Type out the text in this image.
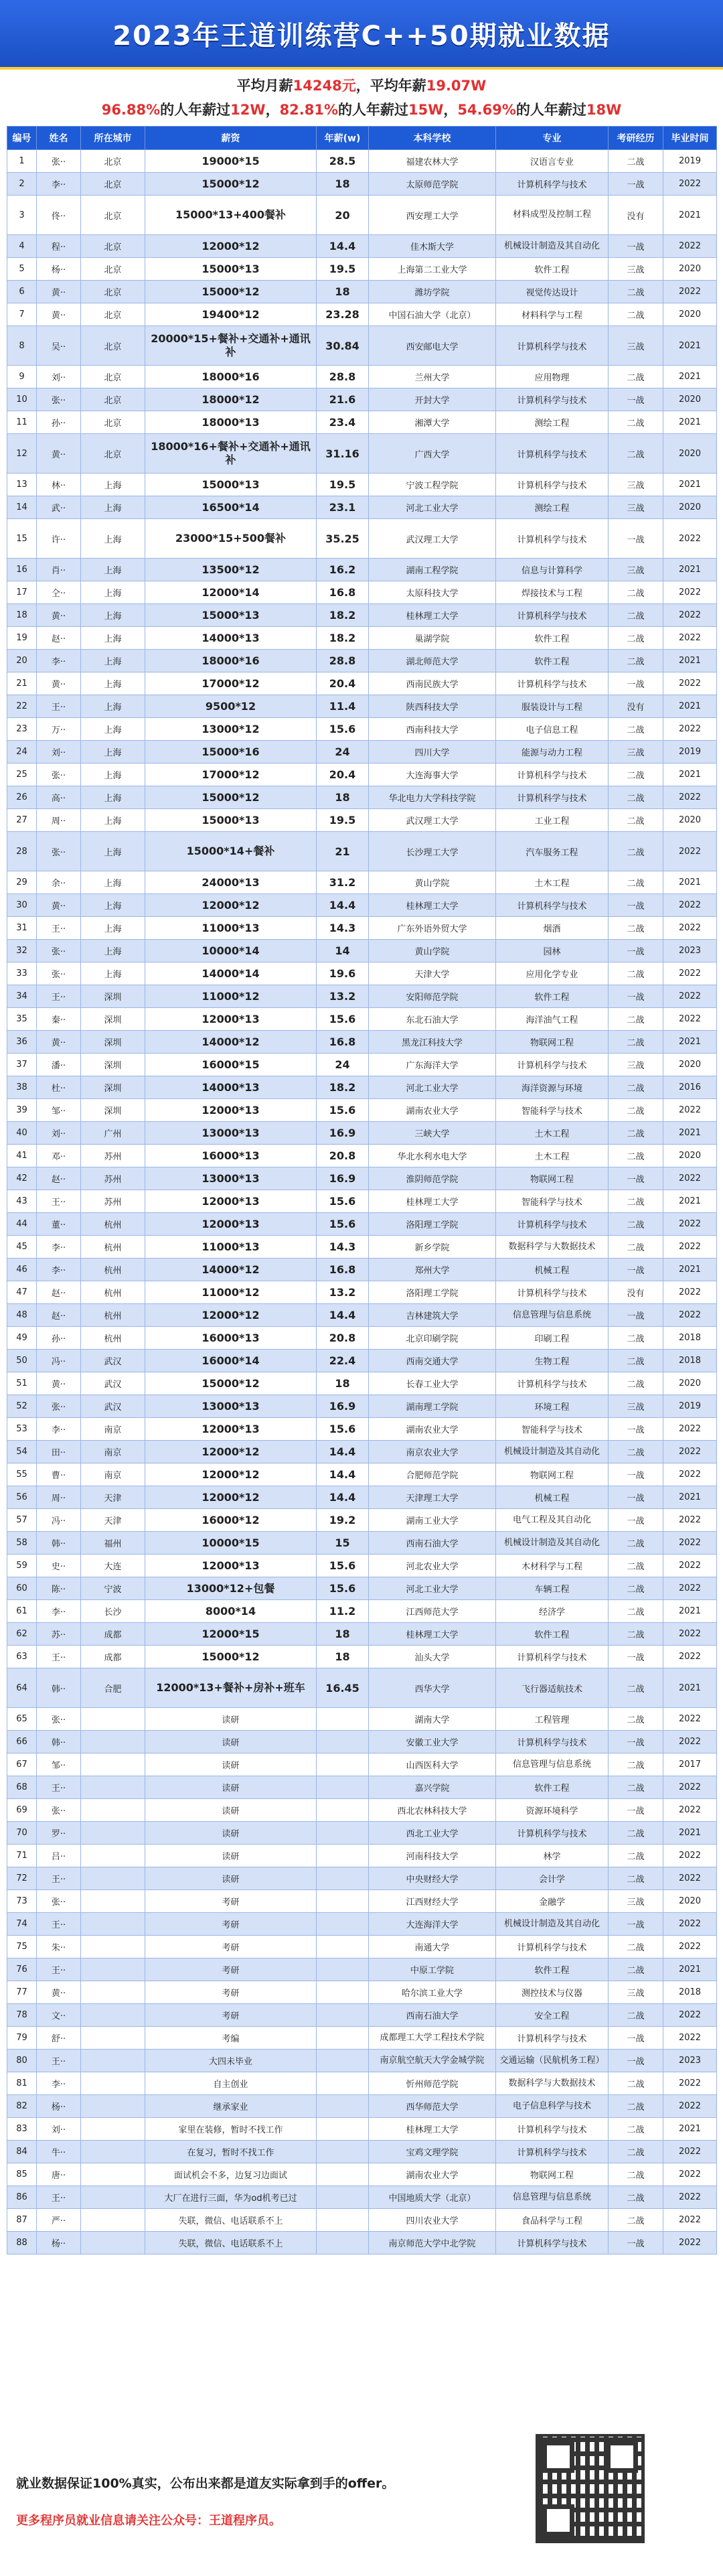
2023年王道训练营C++50期就业数据
平均月薪14248元，平均年薪19.07W
96.88%的人年薪过12W，82.81%的人年薪过15W，54.69%的人年薪过18W
编号	姓名	所在城市	薪资	年薪(w)	本科学校	专业	考研经历	毕业时间
1	张··	北京	19000*15	28.5	福建农林大学	汉语言专业	二战	2019
2	李··	北京	15000*12	18	太原师范学院	计算机科学与技术	一战	2022
3	佟··	北京	15000*13+400餐补	20	西安理工大学	材料成型及控制工程	没有	2021
4	程··	北京	12000*12	14.4	佳木斯大学	机械设计制造及其自动化	一战	2022
5	杨··	北京	15000*13	19.5	上海第二工业大学	软件工程	三战	2020
6	黄··	北京	15000*12	18	潍坊学院	视觉传达设计	二战	2022
7	黄··	北京	19400*12	23.28	中国石油大学（北京）	材料科学与工程	二战	2020
8	吴··	北京	20000*15+餐补+交通补+通讯补	30.84	西安邮电大学	计算机科学与技术	三战	2021
9	刘··	北京	18000*16	28.8	兰州大学	应用物理	二战	2021
10	张··	北京	18000*12	21.6	开封大学	计算机科学与技术	一战	2020
11	孙··	北京	18000*13	23.4	湘潭大学	测绘工程	二战	2021
12	黄··	北京	18000*16+餐补+交通补+通讯补	31.16	广西大学	计算机科学与技术	二战	2020
13	林··	上海	15000*13	19.5	宁波工程学院	计算机科学与技术	三战	2021
14	武··	上海	16500*14	23.1	河北工业大学	测绘工程	三战	2020
15	许··	上海	23000*15+500餐补	35.25	武汉理工大学	计算机科学与技术	一战	2022
16	肖··	上海	13500*12	16.2	湖南工程学院	信息与计算科学	三战	2021
17	仝··	上海	12000*14	16.8	太原科技大学	焊接技术与工程	二战	2022
18	黄··	上海	15000*13	18.2	桂林理工大学	计算机科学与技术	二战	2022
19	赵··	上海	14000*13	18.2	巢湖学院	软件工程	二战	2022
20	李··	上海	18000*16	28.8	湖北师范大学	软件工程	二战	2021
21	黄··	上海	17000*12	20.4	西南民族大学	计算机科学与技术	一战	2022
22	王··	上海	9500*12	11.4	陕西科技大学	服装设计与工程	没有	2021
23	万··	上海	13000*12	15.6	西南科技大学	电子信息工程	二战	2022
24	刘··	上海	15000*16	24	四川大学	能源与动力工程	三战	2019
25	张··	上海	17000*12	20.4	大连海事大学	计算机科学与技术	二战	2021
26	高··	上海	15000*12	18	华北电力大学科技学院	计算机科学与技术	二战	2022
27	周··	上海	15000*13	19.5	武汉理工大学	工业工程	二战	2020
28	张··	上海	15000*14+餐补	21	长沙理工大学	汽车服务工程	二战	2022
29	余··	上海	24000*13	31.2	黄山学院	土木工程	二战	2021
30	黄··	上海	12000*12	14.4	桂林理工大学	计算机科学与技术	一战	2022
31	王··	上海	11000*13	14.3	广东外语外贸大学	烟酒	二战	2022
32	张··	上海	10000*14	14	黄山学院	园林	一战	2023
33	张··	上海	14000*14	19.6	天津大学	应用化学专业	二战	2022
34	王··	深圳	11000*12	13.2	安阳师范学院	软件工程	一战	2022
35	秦··	深圳	12000*13	15.6	东北石油大学	海洋油气工程	二战	2022
36	黄··	深圳	14000*12	16.8	黑龙江科技大学	物联网工程	二战	2021
37	潘··	深圳	16000*15	24	广东海洋大学	计算机科学与技术	三战	2020
38	杜··	深圳	14000*13	18.2	河北工业大学	海洋资源与环境	二战	2016
39	邹··	深圳	12000*13	15.6	湖南农业大学	智能科学与技术	二战	2022
40	刘··	广州	13000*13	16.9	三峡大学	土木工程	二战	2021
41	邓··	苏州	16000*13	20.8	华北水利水电大学	土木工程	二战	2020
42	赵··	苏州	13000*13	16.9	淮阴师范学院	物联网工程	一战	2022
43	王··	苏州	12000*13	15.6	桂林理工大学	智能科学与技术	二战	2021
44	董··	杭州	12000*13	15.6	洛阳理工学院	计算机科学与技术	二战	2022
45	李··	杭州	11000*13	14.3	新乡学院	数据科学与大数据技术	二战	2022
46	李··	杭州	14000*12	16.8	郑州大学	机械工程	一战	2021
47	赵··	杭州	11000*12	13.2	洛阳理工学院	计算机科学与技术	没有	2022
48	赵··	杭州	12000*12	14.4	吉林建筑大学	信息管理与信息系统	一战	2022
49	孙··	杭州	16000*13	20.8	北京印刷学院	印刷工程	二战	2018
50	冯··	武汉	16000*14	22.4	西南交通大学	生物工程	二战	2018
51	黄··	武汉	15000*12	18	长春工业大学	计算机科学与技术	二战	2020
52	张··	武汉	13000*13	16.9	湖南理工学院	环境工程	三战	2019
53	李··	南京	12000*13	15.6	湖南农业大学	智能科学与技术	一战	2022
54	田··	南京	12000*12	14.4	南京农业大学	机械设计制造及其自动化	二战	2022
55	曹··	南京	12000*12	14.4	合肥师范学院	物联网工程	一战	2022
56	周··	天津	12000*12	14.4	天津理工大学	机械工程	一战	2021
57	冯··	天津	16000*12	19.2	湖南工业大学	电气工程及其自动化	一战	2022
58	韩··	福州	10000*15	15	西南石油大学	机械设计制造及其自动化	二战	2022
59	史··	大连	12000*13	15.6	河北农业大学	木材科学与工程	二战	2022
60	陈··	宁波	13000*12+包餐	15.6	河北工业大学	车辆工程	二战	2022
61	李··	长沙	8000*14	11.2	江西师范大学	经济学	二战	2021
62	苏··	成都	12000*15	18	桂林理工大学	软件工程	二战	2022
63	王··	成都	15000*12	18	汕头大学	计算机科学与技术	一战	2022
64	韩··	合肥	12000*13+餐补+房补+班车	16.45	西华大学	飞行器适航技术	二战	2021
65	张··		读研		湖南大学	工程管理	二战	2022
66	韩··		读研		安徽工业大学	计算机科学与技术	一战	2022
67	邹··		读研		山西医科大学	信息管理与信息系统	二战	2017
68	王··		读研		嘉兴学院	软件工程	二战	2022
69	张··		读研		西北农林科技大学	资源环境科学	一战	2022
70	罗··		读研		西北工业大学	计算机科学与技术	二战	2021
71	吕··		读研		河南科技大学	林学	二战	2022
72	王··		读研		中央财经大学	会计学	二战	2022
73	张··		考研		江西财经大学	金融学	三战	2020
74	王··		考研		大连海洋大学	机械设计制造及其自动化	一战	2022
75	朱··		考研		南通大学	计算机科学与技术	二战	2022
76	王··		考研		中原工学院	软件工程	二战	2021
77	黄··		考研		哈尔滨工业大学	测控技术与仪器	三战	2018
78	文··		考研		西南石油大学	安全工程	二战	2022
79	舒··		考编		成都理工大学工程技术学院	计算机科学与技术	一战	2022
80	王··		大四未毕业		南京航空航天大学金城学院	交通运输（民航机务工程）	一战	2023
81	李··		自主创业		忻州师范学院	数据科学与大数据技术	二战	2022
82	杨··		继承家业		西华师范大学	电子信息科学与技术	二战	2022
83	刘··		家里在装修，暂时不找工作		桂林理工大学	计算机科学与技术	二战	2021
84	牛··		在复习，暂时不找工作		宝鸡文理学院	计算机科学与技术	二战	2022
85	唐··		面试机会不多，边复习边面试		湖南农业大学	物联网工程	二战	2022
86	王··		大厂在进行三面，华为od机考已过		中国地质大学（北京）	信息管理与信息系统	二战	2022
87	严··		失联，微信、电话联系不上		四川农业大学	食品科学与工程	二战	2022
88	杨··		失联，微信、电话联系不上		南京师范大学中北学院	计算机科学与技术	一战	2022
就业数据保证100%真实，公布出来都是道友实际拿到手的offer。
更多程序员就业信息请关注公众号：王道程序员。
